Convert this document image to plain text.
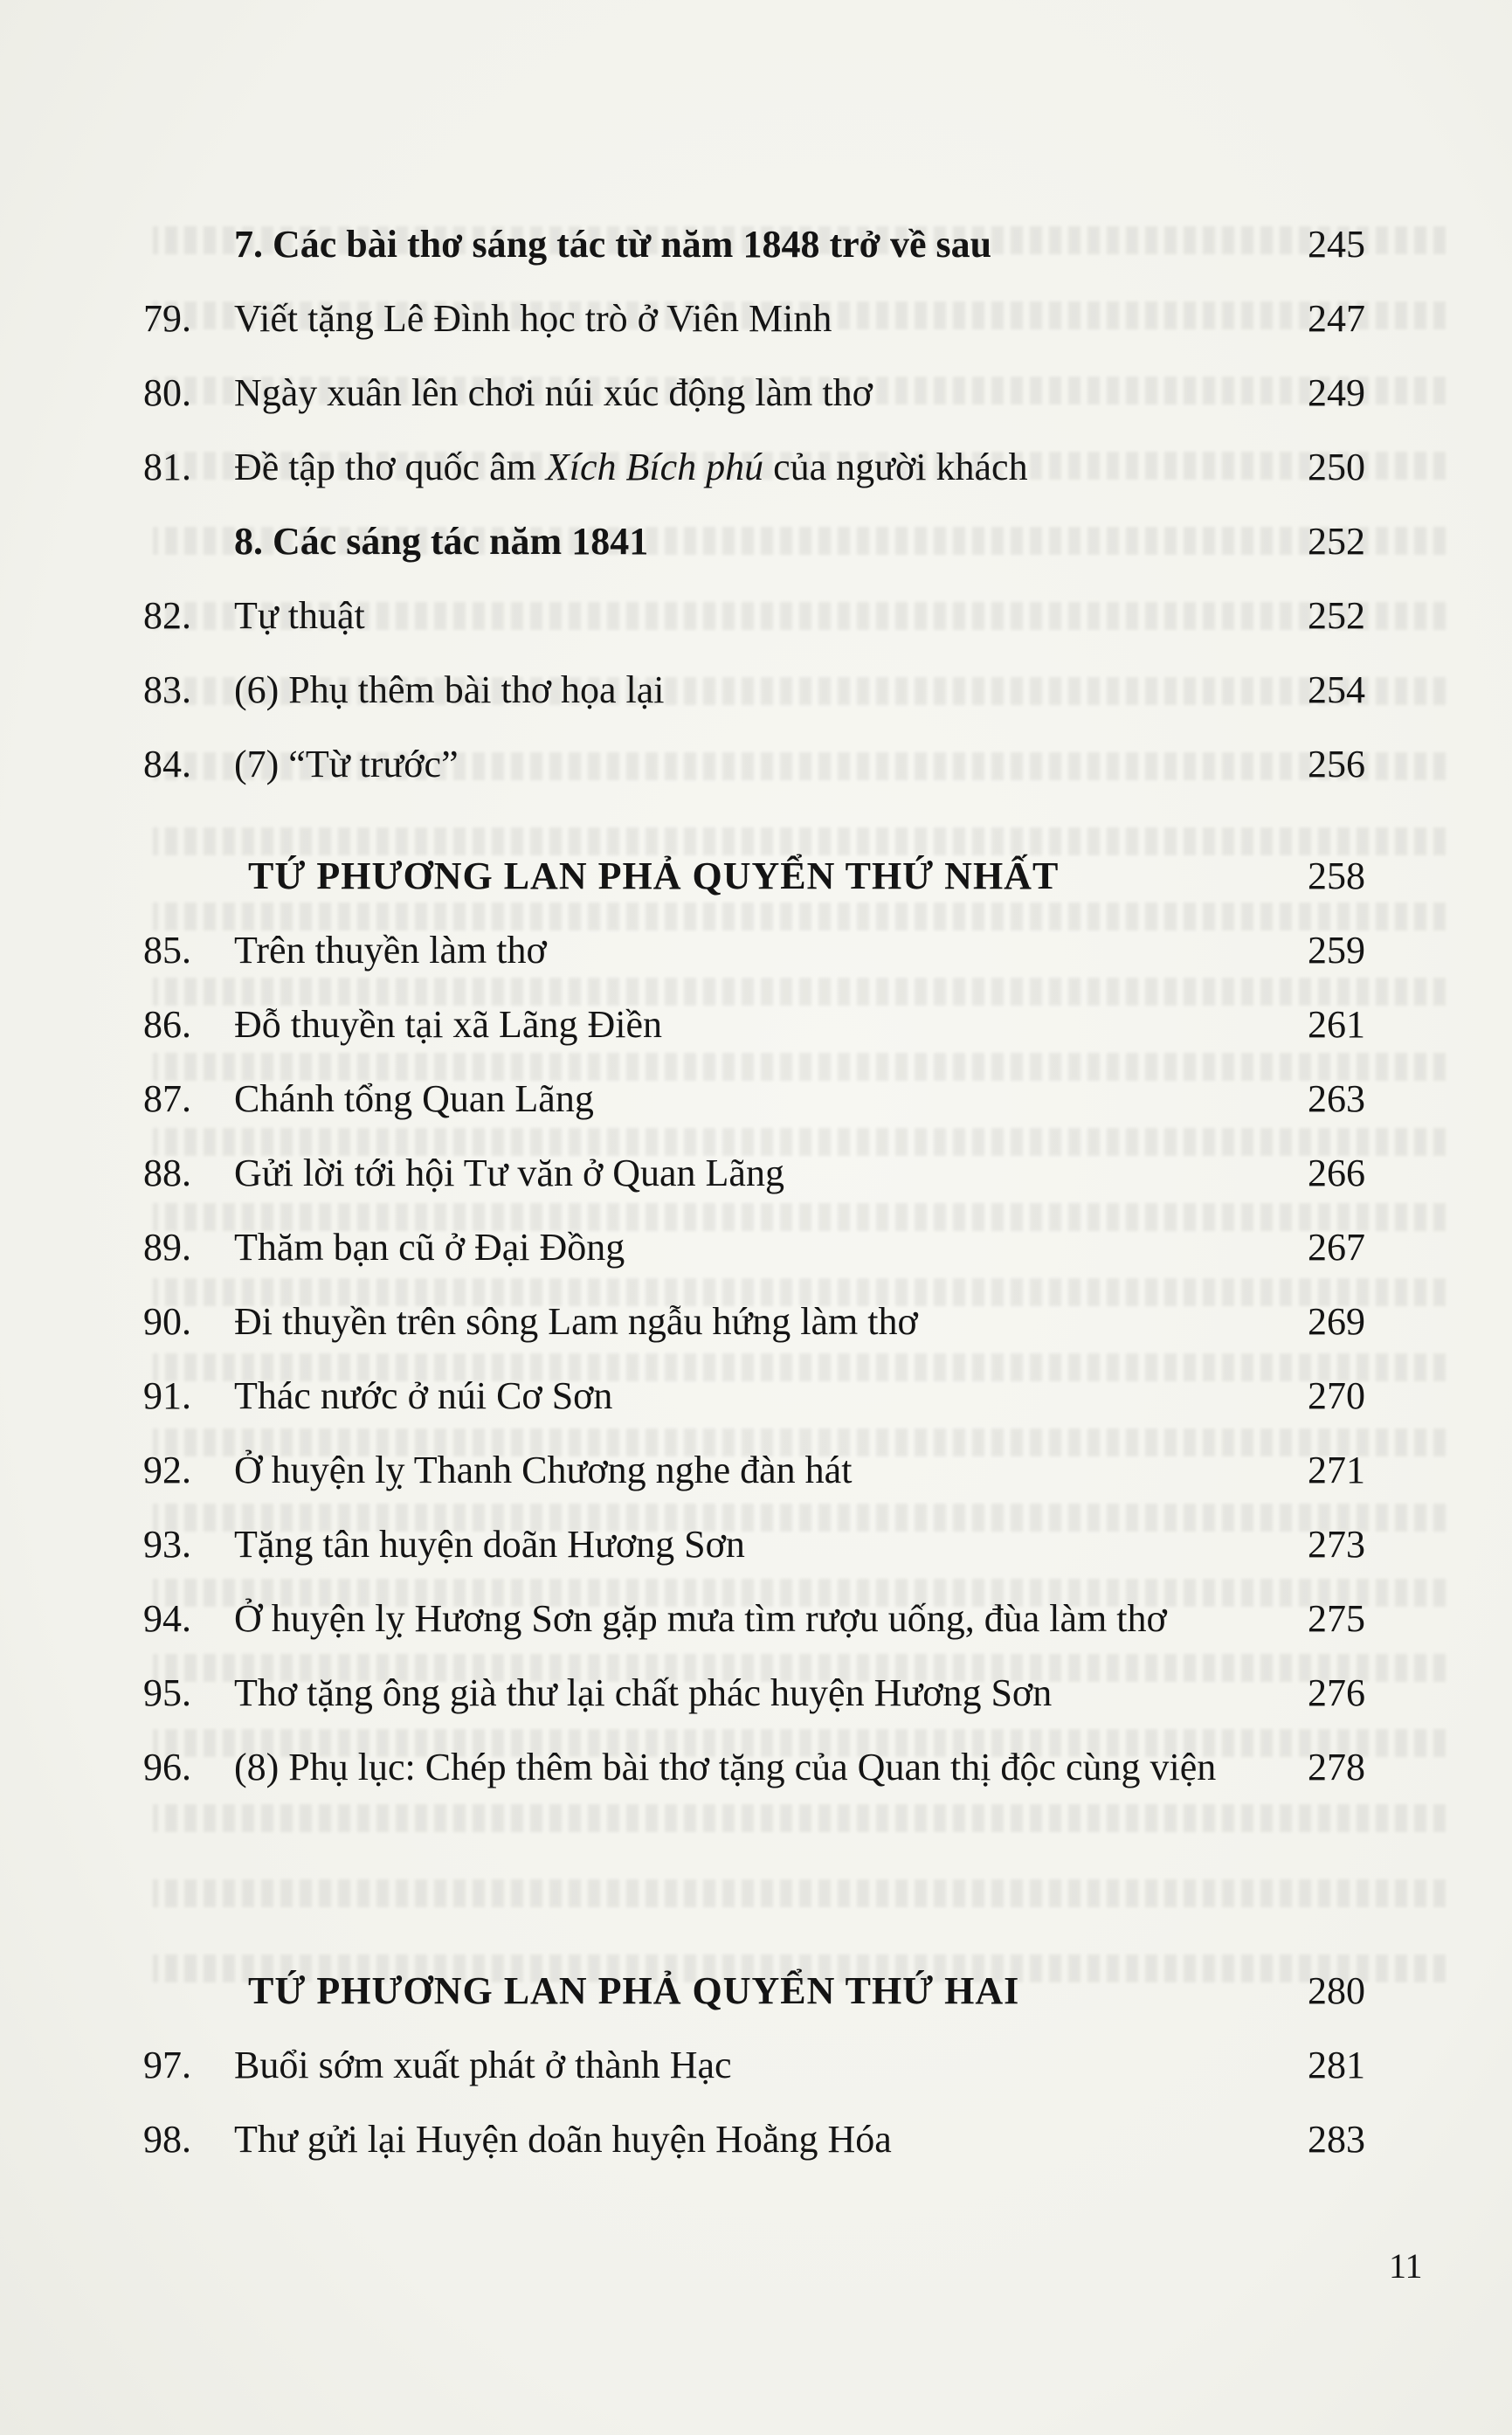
7. Các bài thơ sáng tác từ năm 1848 trở về sau	245
79. Viết tặng Lê Đình học trò ở Viên Minh	247
80. Ngày xuân lên chơi núi xúc động làm thơ	249
81. Đề tập thơ quốc âm Xích Bích phú của người khách	250
8. Các sáng tác năm 1841	252
82. Tự thuật	252
83. (6) Phụ thêm bài thơ họa lại	254
84. (7) “Từ trước”	256
TỨ PHƯƠNG LAN PHẢ QUYỂN THỨ NHẤT	258
85. Trên thuyền làm thơ	259
86. Đỗ thuyền tại xã Lãng Điền	261
87. Chánh tổng Quan Lãng	263
88. Gửi lời tới hội Tư văn ở Quan Lãng	266
89. Thăm bạn cũ ở Đại Đồng	267
90. Đi thuyền trên sông Lam ngẫu hứng làm thơ	269
91. Thác nước ở núi Cơ Sơn	270
92. Ở huyện lỵ Thanh Chương nghe đàn hát	271
93. Tặng tân huyện doãn Hương Sơn	273
94. Ở huyện lỵ Hương Sơn gặp mưa tìm rượu uống, đùa làm thơ	275
95. Thơ tặng ông già thư lại chất phác huyện Hương Sơn	276
96. (8) Phụ lục: Chép thêm bài thơ tặng của Quan thị độc cùng viện	278
TỨ PHƯƠNG LAN PHẢ QUYỂN THỨ HAI	280
97. Buổi sớm xuất phát ở thành Hạc	281
98. Thư gửi lại Huyện doãn huyện Hoằng Hóa	283
11
